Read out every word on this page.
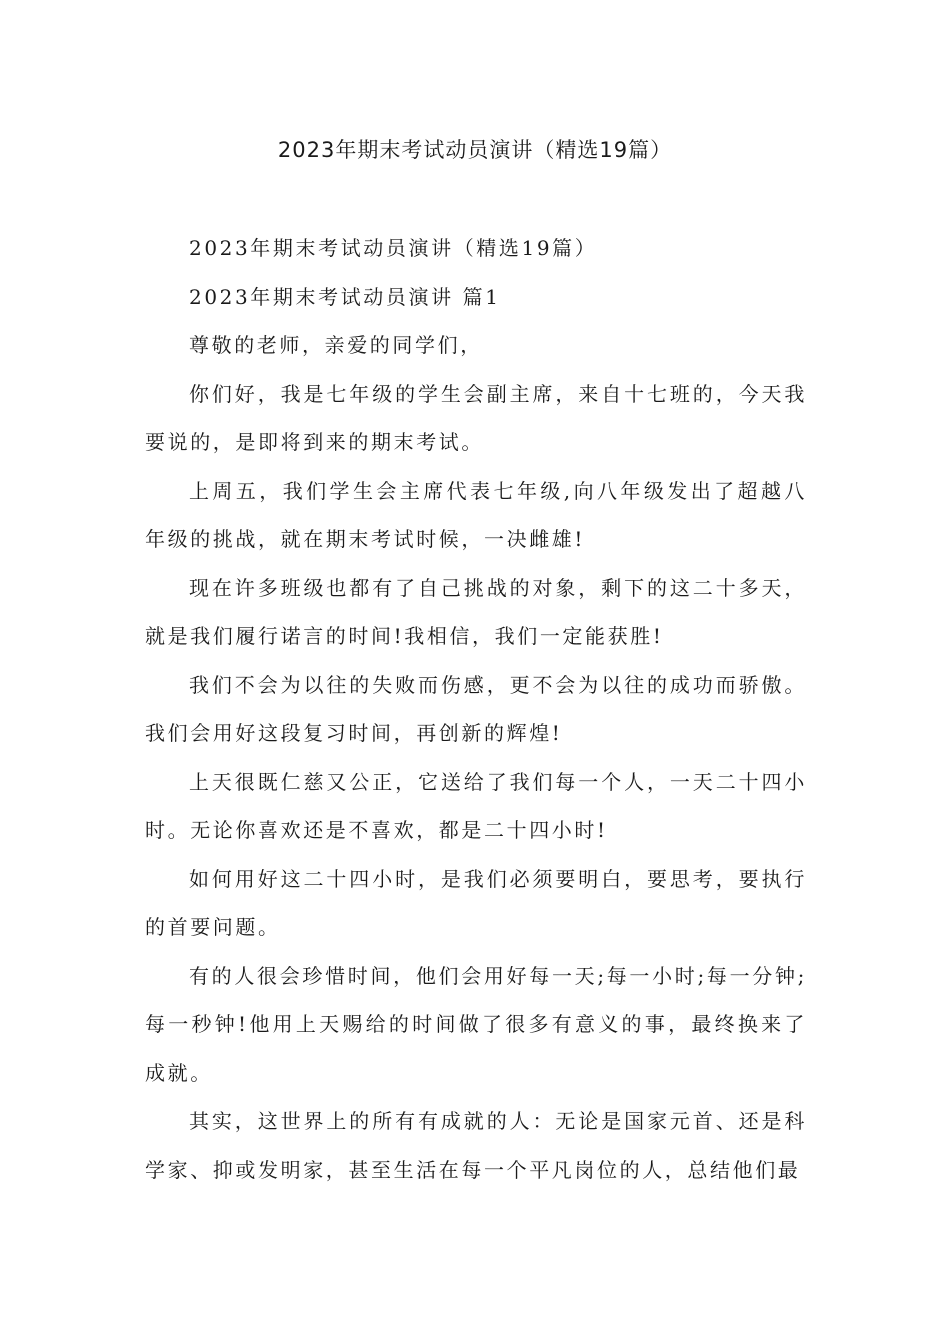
2023年期末考试动员演讲（精选19篇）

2023年期末考试动员演讲（精选19篇）

2023年期末考试动员演讲 篇1

尊敬的老师，亲爱的同学们，

你们好，我是七年级的学生会副主席，来自十七班的，今天我要说的，是即将到来的期末考试。

上周五，我们学生会主席代表七年级,向八年级发出了超越八年级的挑战，就在期末考试时候，一决雌雄!

现在许多班级也都有了自己挑战的对象，剩下的这二十多天，就是我们履行诺言的时间!我相信，我们一定能获胜!

我们不会为以往的失败而伤感，更不会为以往的成功而骄傲。我们会用好这段复习时间，再创新的辉煌!

上天很既仁慈又公正，它送给了我们每一个人，一天二十四小时。无论你喜欢还是不喜欢，都是二十四小时!

如何用好这二十四小时，是我们必须要明白，要思考，要执行的首要问题。

有的人很会珍惜时间，他们会用好每一天;每一小时;每一分钟;每一秒钟!他用上天赐给的时间做了很多有意义的事，最终换来了成就。

其实，这世界上的所有有成就的人：无论是国家元首、还是科学家、抑或发明家，甚至生活在每一个平凡岗位的人，总结他们最
